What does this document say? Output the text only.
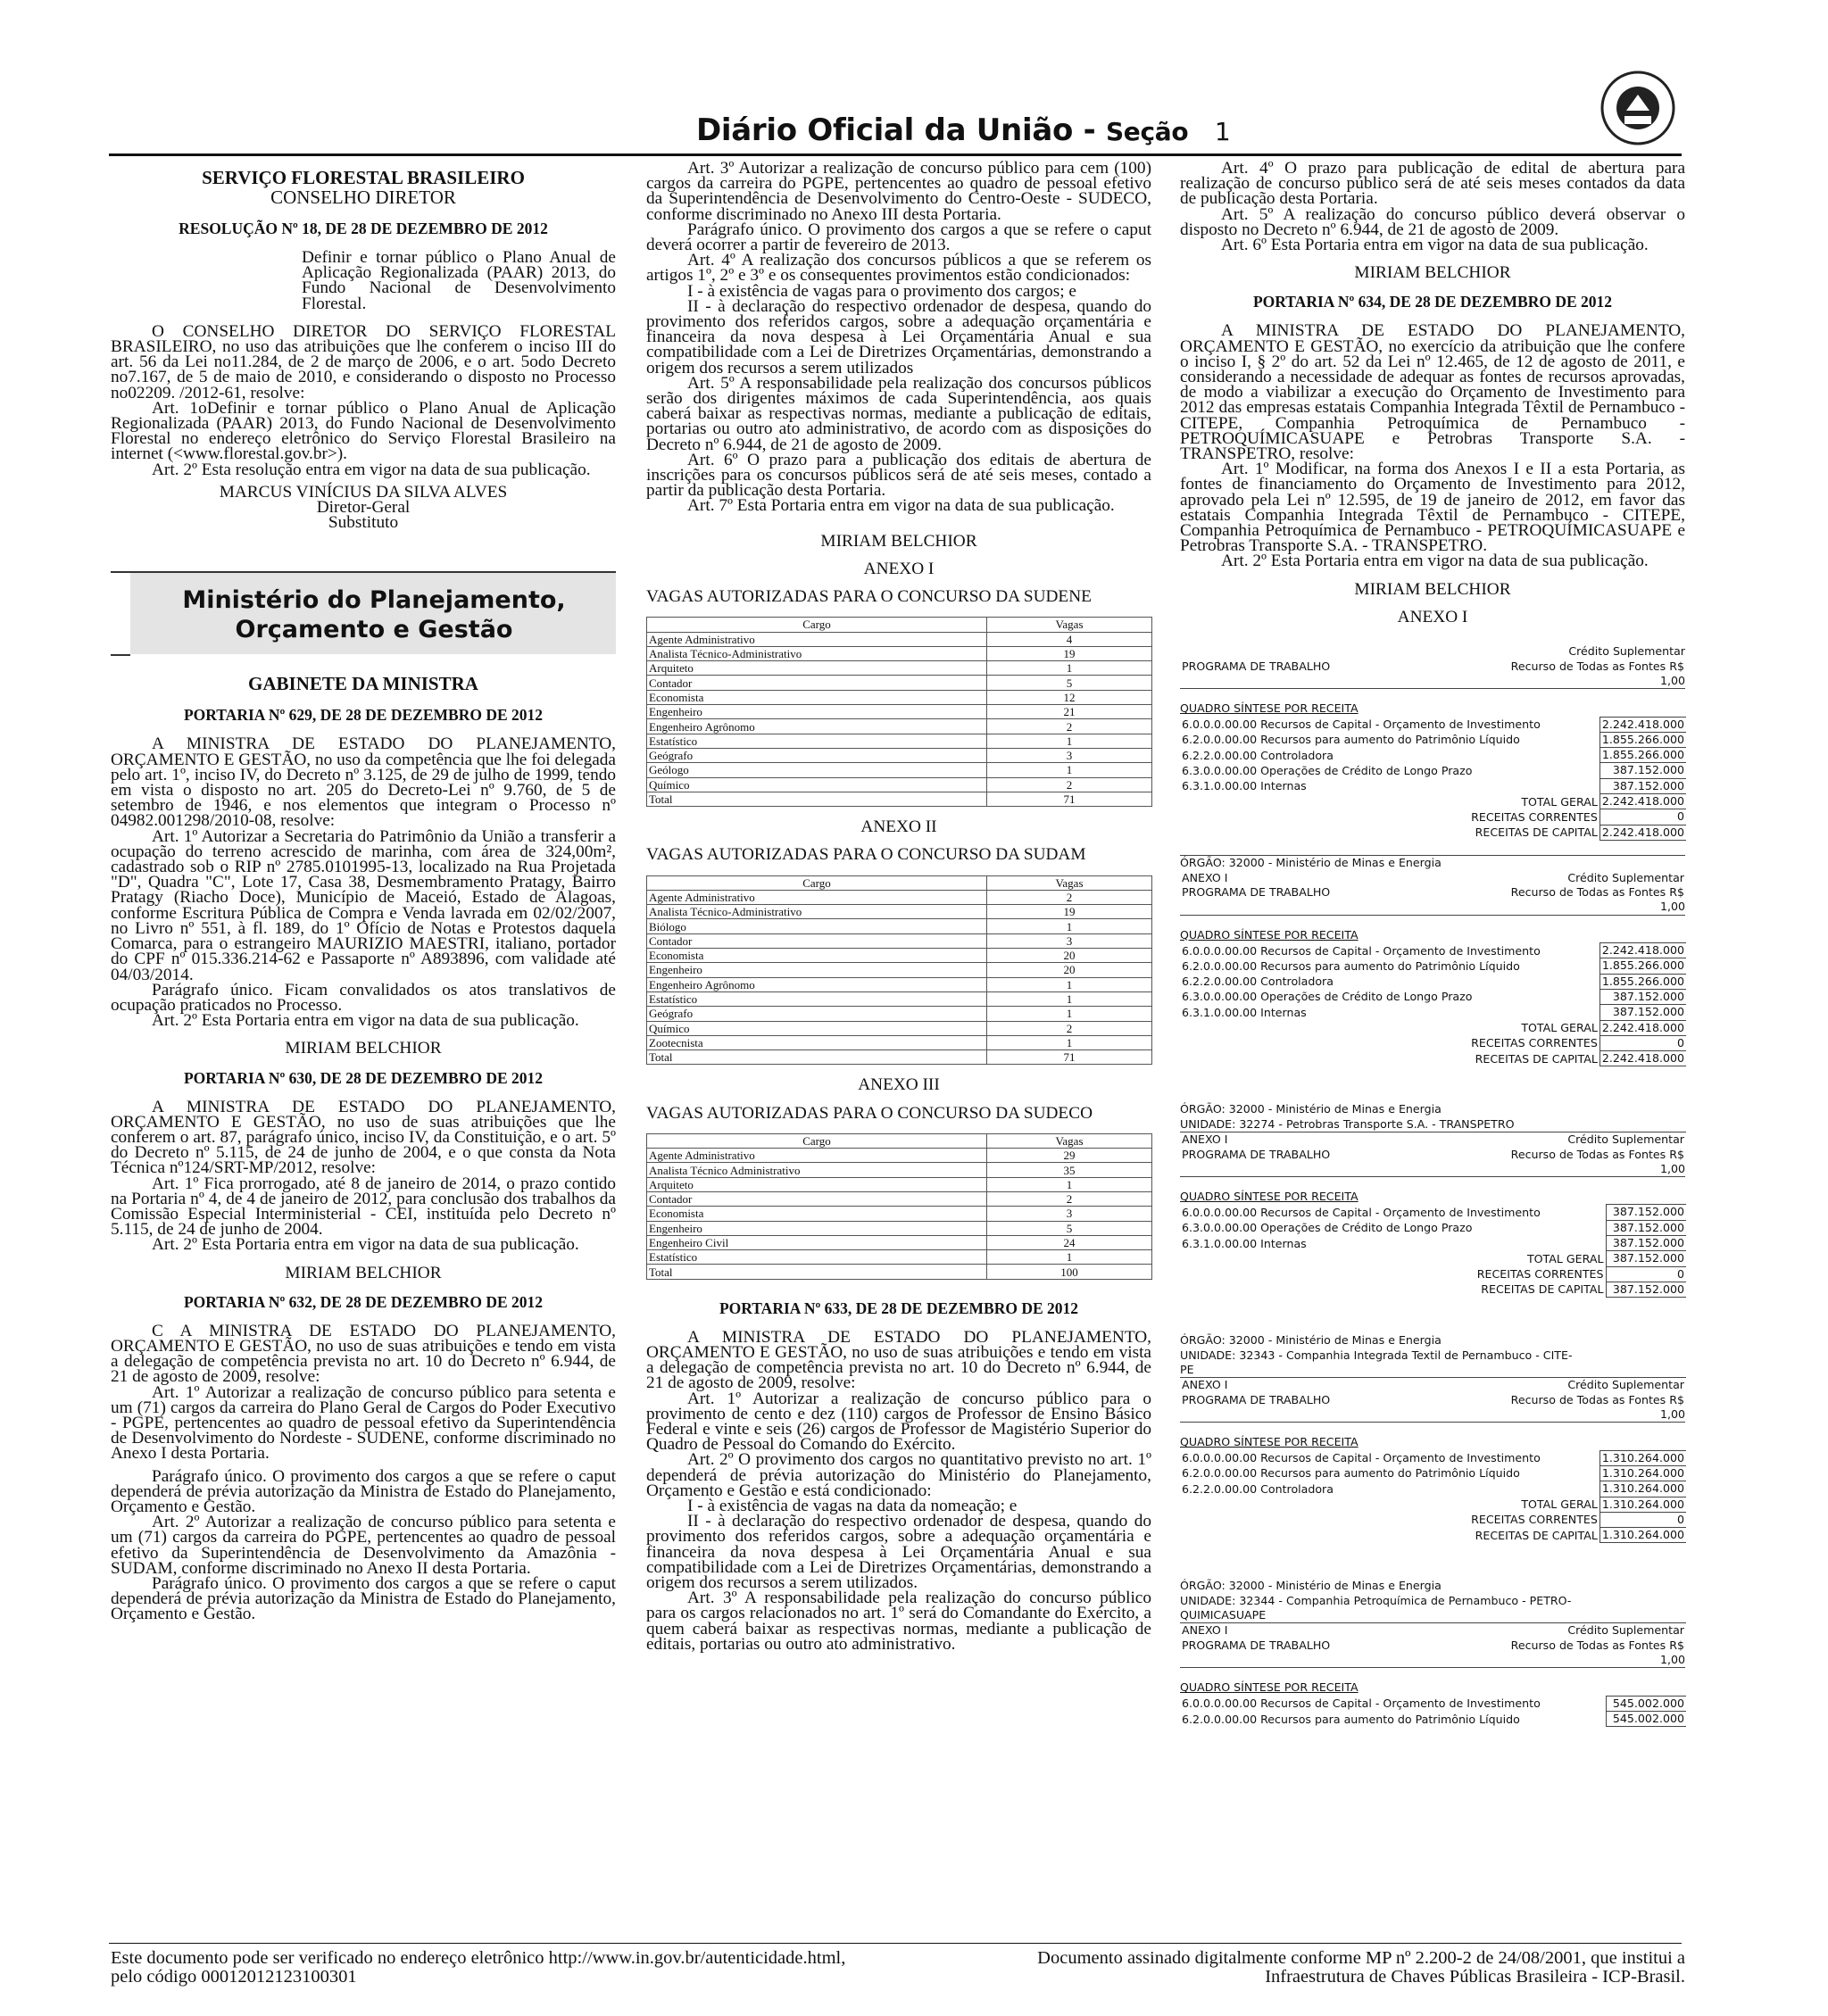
Diário Oficial da União - Seção 1
SERVIÇO FLORESTAL BRASILEIRO
CONSELHO DIRETOR
RESOLUÇÃO Nº 18, DE 28 DE DEZEMBRO DE 2012
Definir e tornar público o Plano Anual de Aplicação Regionalizada (PAAR) 2013, do Fundo Nacional de Desenvolvimento Florestal.
O CONSELHO DIRETOR DO SERVIÇO FLORESTAL BRASILEIRO, no uso das atribuições que lhe conferem o inciso III do art. 56 da Lei no11.284, de 2 de março de 2006, e o art. 5odo Decreto no7.167, de 5 de maio de 2010, e considerando o disposto no Processo no02209. /2012-61, resolve:
Art. 1oDefinir e tornar público o Plano Anual de Aplicação Regionalizada (PAAR) 2013, do Fundo Nacional de Desenvolvimento Florestal no endereço eletrônico do Serviço Florestal Brasileiro na internet (<www.florestal.gov.br>).
Art. 2º Esta resolução entra em vigor na data de sua publicação.
MARCUS VINÍCIUS DA SILVA ALVES
Diretor-Geral
Substituto
Ministério do Planejamento,
Orçamento e Gestão
GABINETE DA MINISTRA
PORTARIA Nº 629, DE 28 DE DEZEMBRO DE 2012
A MINISTRA DE ESTADO DO PLANEJAMENTO, ORÇAMENTO E GESTÃO, no uso da competência que lhe foi delegada pelo art. 1º, inciso IV, do Decreto nº 3.125, de 29 de julho de 1999, tendo em vista o disposto no art. 205 do Decreto-Lei nº 9.760, de 5 de setembro de 1946, e nos elementos que integram o Processo nº 04982.001298/2010-08, resolve:
Art. 1º Autorizar a Secretaria do Patrimônio da União a transferir a ocupação do terreno acrescido de marinha, com área de 324,00m², cadastrado sob o RIP nº 2785.0101995-13, localizado na Rua Projetada "D", Quadra "C", Lote 17, Casa 38, Desmembramento Pratagy, Bairro Pratagy (Riacho Doce), Município de Maceió, Estado de Alagoas, conforme Escritura Pública de Compra e Venda lavrada em 02/02/2007, no Livro nº 551, à fl. 189, do 1º Ofício de Notas e Protestos daquela Comarca, para o estrangeiro MAURIZIO MAESTRI, italiano, portador do CPF nº 015.336.214-62 e Passaporte nº A893896, com validade até 04/03/2014.
Parágrafo único. Ficam convalidados os atos translativos de ocupação praticados no Processo.
Art. 2º Esta Portaria entra em vigor na data de sua publicação.
MIRIAM BELCHIOR
PORTARIA Nº 630, DE 28 DE DEZEMBRO DE 2012
A MINISTRA DE ESTADO DO PLANEJAMENTO, ORÇAMENTO E GESTÃO, no uso de suas atribuições que lhe conferem o art. 87, parágrafo único, inciso IV, da Constituição, e o art. 5º do Decreto nº 5.115, de 24 de junho de 2004, e o que consta da Nota Técnica nº124/SRT-MP/2012, resolve:
Art. 1º Fica prorrogado, até 8 de janeiro de 2014, o prazo contido na Portaria nº 4, de 4 de janeiro de 2012, para conclusão dos trabalhos da Comissão Especial Interministerial - CEI, instituída pelo Decreto nº 5.115, de 24 de junho de 2004.
Art. 2º Esta Portaria entra em vigor na data de sua publicação.
MIRIAM BELCHIOR
PORTARIA Nº 632, DE 28 DE DEZEMBRO DE 2012
C A MINISTRA DE ESTADO DO PLANEJAMENTO, ORÇAMENTO E GESTÃO, no uso de suas atribuições e tendo em vista a delegação de competência prevista no art. 10 do Decreto nº 6.944, de 21 de agosto de 2009, resolve:
Art. 1º Autorizar a realização de concurso público para setenta e um (71) cargos da carreira do Plano Geral de Cargos do Poder Executivo - PGPE, pertencentes ao quadro de pessoal efetivo da Superintendência de Desenvolvimento do Nordeste - SUDENE, conforme discriminado no Anexo I desta Portaria.
Parágrafo único. O provimento dos cargos a que se refere o caput dependerá de prévia autorização da Ministra de Estado do Planejamento, Orçamento e Gestão.
Art. 2º Autorizar a realização de concurso público para setenta e um (71) cargos da carreira do PGPE, pertencentes ao quadro de pessoal efetivo da Superintendência de Desenvolvimento da Amazônia - SUDAM, conforme discriminado no Anexo II desta Portaria.
Parágrafo único. O provimento dos cargos a que se refere o caput dependerá de prévia autorização da Ministra de Estado do Planejamento, Orçamento e Gestão.
Art. 3º Autorizar a realização de concurso público para cem (100) cargos da carreira do PGPE, pertencentes ao quadro de pessoal efetivo da Superintendência de Desenvolvimento do Centro-Oeste - SUDECO, conforme discriminado no Anexo III desta Portaria.
Parágrafo único. O provimento dos cargos a que se refere o caput deverá ocorrer a partir de fevereiro de 2013.
Art. 4º A realização dos concursos públicos a que se referem os artigos 1º, 2º e 3º e os consequentes provimentos estão condicionados:
I - à existência de vagas para o provimento dos cargos; e
II - à declaração do respectivo ordenador de despesa, quando do provimento dos referidos cargos, sobre a adequação orçamentária e financeira da nova despesa à Lei Orçamentária Anual e sua compatibilidade com a Lei de Diretrizes Orçamentárias, demonstrando a origem dos recursos a serem utilizados
Art. 5º A responsabilidade pela realização dos concursos públicos serão dos dirigentes máximos de cada Superintendência, aos quais caberá baixar as respectivas normas, mediante a publicação de editais, portarias ou outro ato administrativo, de acordo com as disposições do Decreto nº 6.944, de 21 de agosto de 2009.
Art. 6º O prazo para a publicação dos editais de abertura de inscrições para os concursos públicos será de até seis meses, contado a partir da publicação desta Portaria.
Art. 7º Esta Portaria entra em vigor na data de sua publicação.
MIRIAM BELCHIOR
ANEXO I
VAGAS AUTORIZADAS PARA O CONCURSO DA SUDENE
Cargo	Vagas
Agente Administrativo	4
Analista Técnico-Administrativo	19
Arquiteto	1
Contador	5
Economista	12
Engenheiro	21
Engenheiro Agrônomo	2
Estatístico	1
Geógrafo	3
Geólogo	1
Químico	2
Total	71
ANEXO II
VAGAS AUTORIZADAS PARA O CONCURSO DA SUDAM
Cargo	Vagas
Agente Administrativo	2
Analista Técnico-Administrativo	19
Biólogo	1
Contador	3
Economista	20
Engenheiro	20
Engenheiro Agrônomo	1
Estatístico	1
Geógrafo	1
Químico	2
Zootecnista	1
Total	71
ANEXO III
VAGAS AUTORIZADAS PARA O CONCURSO DA SUDECO
Cargo	Vagas
Agente Administrativo	29
Analista Técnico Administrativo	35
Arquiteto	1
Contador	2
Economista	3
Engenheiro	5
Engenheiro Civil	24
Estatístico	1
Total	100
PORTARIA Nº 633, DE 28 DE DEZEMBRO DE 2012
A MINISTRA DE ESTADO DO PLANEJAMENTO, ORÇAMENTO E GESTÃO, no uso de suas atribuições e tendo em vista a delegação de competência prevista no art. 10 do Decreto nº 6.944, de 21 de agosto de 2009, resolve:
Art. 1º Autorizar a realização de concurso público para o provimento de cento e dez (110) cargos de Professor de Ensino Básico Federal e vinte e seis (26) cargos de Professor de Magistério Superior do Quadro de Pessoal do Comando do Exército.
Art. 2º O provimento dos cargos no quantitativo previsto no art. 1º dependerá de prévia autorização do Ministério do Planejamento, Orçamento e Gestão e está condicionado:
I - à existência de vagas na data da nomeação; e
II - à declaração do respectivo ordenador de despesa, quando do provimento dos referidos cargos, sobre a adequação orçamentária e financeira da nova despesa à Lei Orçamentária Anual e sua compatibilidade com a Lei de Diretrizes Orçamentárias, demonstrando a origem dos recursos a serem utilizados.
Art. 3º A responsabilidade pela realização do concurso público para os cargos relacionados no art. 1º será do Comandante do Exército, a quem caberá baixar as respectivas normas, mediante a publicação de editais, portarias ou outro ato administrativo.
Art. 4º O prazo para publicação de edital de abertura para realização de concurso público será de até seis meses contados da data de publicação desta Portaria.
Art. 5º A realização do concurso público deverá observar o disposto no Decreto nº 6.944, de 21 de agosto de 2009.
Art. 6º Esta Portaria entra em vigor na data de sua publicação.
MIRIAM BELCHIOR
PORTARIA Nº 634, DE 28 DE DEZEMBRO DE 2012
A MINISTRA DE ESTADO DO PLANEJAMENTO, ORÇAMENTO E GESTÃO, no exercício da atribuição que lhe confere o inciso I, § 2º do art. 52 da Lei nº 12.465, de 12 de agosto de 2011, e considerando a necessidade de adequar as fontes de recursos aprovadas, de modo a viabilizar a execução do Orçamento de Investimento para 2012 das empresas estatais Companhia Integrada Têxtil de Pernambuco - CITEPE, Companhia Petroquímica de Pernambuco - PETROQUÍMICASUAPE e Petrobras Transporte S.A. - TRANSPETRO, resolve:
Art. 1º Modificar, na forma dos Anexos I e II a esta Portaria, as fontes de financiamento do Orçamento de Investimento para 2012, aprovado pela Lei nº 12.595, de 19 de janeiro de 2012, em favor das estatais Companhia Integrada Têxtil de Pernambuco - CITEPE, Companhia Petroquímica de Pernambuco - PETROQUÍMICASUAPE e Petrobras Transporte S.A. - TRANSPETRO.
Art. 2º Esta Portaria entra em vigor na data de sua publicação.
MIRIAM BELCHIOR
ANEXO I
Crédito Suplementar
PROGRAMA DE TRABALHO	Recurso de Todas as Fontes R$
1,00
QUADRO SÍNTESE POR RECEITA
6.0.0.0.00.00 Recursos de Capital - Orçamento de Investimento	2.242.418.000
6.2.0.0.00.00 Recursos para aumento do Patrimônio Líquido	1.855.266.000
6.2.2.0.00.00 Controladora	1.855.266.000
6.3.0.0.00.00 Operações de Crédito de Longo Prazo	387.152.000
6.3.1.0.00.00 Internas	387.152.000
TOTAL GERAL	2.242.418.000
RECEITAS CORRENTES	0
RECEITAS DE CAPITAL	2.242.418.000
ÓRGÃO: 32000 - Ministério de Minas e Energia
ANEXO I	Crédito Suplementar
PROGRAMA DE TRABALHO	Recurso de Todas as Fontes R$
1,00
QUADRO SÍNTESE POR RECEITA
6.0.0.0.00.00 Recursos de Capital - Orçamento de Investimento	2.242.418.000
6.2.0.0.00.00 Recursos para aumento do Patrimônio Líquido	1.855.266.000
6.2.2.0.00.00 Controladora	1.855.266.000
6.3.0.0.00.00 Operações de Crédito de Longo Prazo	387.152.000
6.3.1.0.00.00 Internas	387.152.000
TOTAL GERAL	2.242.418.000
RECEITAS CORRENTES	0
RECEITAS DE CAPITAL	2.242.418.000
ÓRGÃO: 32000 - Ministério de Minas e Energia
UNIDADE: 32274 - Petrobras Transporte S.A. - TRANSPETRO
ANEXO I	Crédito Suplementar
PROGRAMA DE TRABALHO	Recurso de Todas as Fontes R$
1,00
QUADRO SÍNTESE POR RECEITA
6.0.0.0.00.00 Recursos de Capital - Orçamento de Investimento	387.152.000
6.3.0.0.00.00 Operações de Crédito de Longo Prazo	387.152.000
6.3.1.0.00.00 Internas	387.152.000
TOTAL GERAL	387.152.000
RECEITAS CORRENTES	0
RECEITAS DE CAPITAL	387.152.000
ÓRGÃO: 32000 - Ministério de Minas e Energia
UNIDADE: 32343 - Companhia Integrada Textil de Pernambuco - CITE-
PE
ANEXO I	Crédito Suplementar
PROGRAMA DE TRABALHO	Recurso de Todas as Fontes R$
1,00
QUADRO SÍNTESE POR RECEITA
6.0.0.0.00.00 Recursos de Capital - Orçamento de Investimento	1.310.264.000
6.2.0.0.00.00 Recursos para aumento do Patrimônio Líquido	1.310.264.000
6.2.2.0.00.00 Controladora	1.310.264.000
TOTAL GERAL	1.310.264.000
RECEITAS CORRENTES	0
RECEITAS DE CAPITAL	1.310.264.000
ÓRGÃO: 32000 - Ministério de Minas e Energia
UNIDADE: 32344 - Companhia Petroquímica de Pernambuco - PETRO-
QUIMICASUAPE
ANEXO I	Crédito Suplementar
PROGRAMA DE TRABALHO	Recurso de Todas as Fontes R$
1,00
QUADRO SÍNTESE POR RECEITA
6.0.0.0.00.00 Recursos de Capital - Orçamento de Investimento	545.002.000
6.2.0.0.00.00 Recursos para aumento do Patrimônio Líquido	545.002.000
Este documento pode ser verificado no endereço eletrônico http://www.in.gov.br/autenticidade.html,
pelo código 00012012123100301
Documento assinado digitalmente conforme MP nº 2.200-2 de 24/08/2001, que institui a
Infraestrutura de Chaves Públicas Brasileira - ICP-Brasil.
